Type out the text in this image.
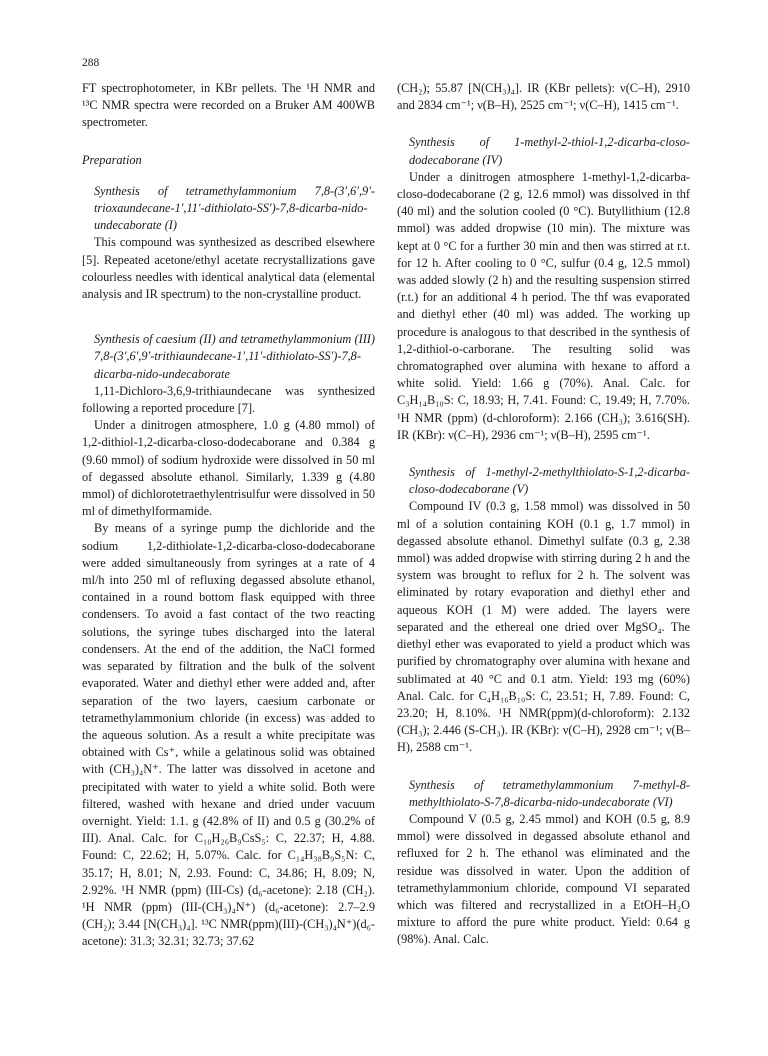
288

FT spectrophotometer, in KBr pellets. The ¹H NMR and ¹³C NMR spectra were recorded on a Bruker AM 400WB spectrometer.

Preparation

Synthesis of tetramethylammonium 7,8-(3′,6′,9′-trioxaundecane-1′,11′-dithiolato-SS′)-7,8-dicarba-nido-undecaborate (I)

This compound was synthesized as described elsewhere [5]. Repeated acetone/ethyl acetate recrystallizations gave colourless needles with identical analytical data (elemental analysis and IR spectrum) to the non-crystalline product.

Synthesis of caesium (II) and tetramethylammonium (III) 7,8-(3′,6′,9′-trithiaundecane-1′,11′-dithiolato-SS′)-7,8-dicarba-nido-undecaborate

1,11-Dichloro-3,6,9-trithiaundecane was synthesized following a reported procedure [7].

Under a dinitrogen atmosphere, 1.0 g (4.80 mmol) of 1,2-dithiol-1,2-dicarba-closo-dodecaborane and 0.384 g (9.60 mmol) of sodium hydroxide were dissolved in 50 ml of degassed absolute ethanol. Similarly, 1.339 g (4.80 mmol) of dichlorotetraethylentrisulfur were dissolved in 50 ml of dimethylformamide.

By means of a syringe pump the dichloride and the sodium 1,2-dithiolate-1,2-dicarba-closo-dodecaborane were added simultaneously from syringes at a rate of 4 ml/h into 250 ml of refluxing degassed absolute ethanol, contained in a round bottom flask equipped with three condensers. To avoid a fast contact of the two reacting solutions, the syringe tubes discharged into the lateral condensers. At the end of the addition, the NaCl formed was separated by filtration and the bulk of the solvent evaporated. Water and diethyl ether were added and, after separation of the two layers, caesium carbonate or tetramethylammonium chloride (in excess) was added to the aqueous solution. As a result a white precipitate was obtained with Cs⁺, while a gelatinous solid was obtained with (CH₃)₄N⁺. The latter was dissolved in acetone and precipitated with water to yield a white solid. Both were filtered, washed with hexane and dried under vacuum overnight. Yield: 1.1. g (42.8% of II) and 0.5 g (30.2% of III). Anal. Calc. for C₁₀H₂₆B₉CsS₅: C, 22.37; H, 4.88. Found: C, 22.62; H, 5.07%. Calc. for C₁₄H₃₈B₉S₅N: C, 35.17; H, 8.01; N, 2.93. Found: C, 34.86; H, 8.09; N, 2.92%. ¹H NMR (ppm) (III-Cs) (d₆-acetone): 2.18 (CH₂). ¹H NMR (ppm) (III-(CH₃)₄N⁺) (d₆-acetone): 2.7–2.9 (CH₂); 3.44 [N(CH₃)₄]. ¹³C NMR(ppm)(III)-(CH₃)₄N⁺)(d₆-acetone): 31.3; 32.31; 32.73; 37.62

(CH₂); 55.87 [N(CH₃)₄]. IR (KBr pellets): ν(C–H), 2910 and 2834 cm⁻¹; ν(B–H), 2525 cm⁻¹; ν(C–H), 1415 cm⁻¹.

Synthesis of 1-methyl-2-thiol-1,2-dicarba-closo-dodecaborane (IV)

Under a dinitrogen atmosphere 1-methyl-1,2-dicarba-closo-dodecaborane (2 g, 12.6 mmol) was dissolved in thf (40 ml) and the solution cooled (0 °C). Butyllithium (12.8 mmol) was added dropwise (10 min). The mixture was kept at 0 °C for a further 30 min and then was stirred at r.t. for 12 h. After cooling to 0 °C, sulfur (0.4 g, 12.5 mmol) was added slowly (2 h) and the resulting suspension stirred (r.t.) for an additional 4 h period. The thf was evaporated and diethyl ether (40 ml) was added. The working up procedure is analogous to that described in the synthesis of 1,2-dithiol-o-carborane. The resulting solid was chromatographed over alumina with hexane to afford a white solid. Yield: 1.66 g (70%). Anal. Calc. for C₃H₁₄B₁₀S: C, 18.93; H, 7.41. Found: C, 19.49; H, 7.70%. ¹H NMR (ppm) (d-chloroform): 2.166 (CH₃); 3.616(SH). IR (KBr): ν(C–H), 2936 cm⁻¹; ν(B–H), 2595 cm⁻¹.

Synthesis of 1-methyl-2-methylthiolato-S-1,2-dicarba-closo-dodecaborane (V)

Compound IV (0.3 g, 1.58 mmol) was dissolved in 50 ml of a solution containing KOH (0.1 g, 1.7 mmol) in degassed absolute ethanol. Dimethyl sulfate (0.3 g, 2.38 mmol) was added dropwise with stirring during 2 h and the system was brought to reflux for 2 h. The solvent was eliminated by rotary evaporation and diethyl ether and aqueous KOH (1 M) were added. The layers were separated and the ethereal one dried over MgSO₄. The diethyl ether was evaporated to yield a product which was purified by chromatography over alumina with hexane and sublimated at 40 °C and 0.1 atm. Yield: 193 mg (60%) Anal. Calc. for C₄H₁₆B₁₀S: C, 23.51; H, 7.89. Found: C, 23.20; H, 8.10%. ¹H NMR(ppm)(d-chloroform): 2.132 (CH₃); 2.446 (S-CH₃). IR (KBr): ν(C–H), 2928 cm⁻¹; ν(B–H), 2588 cm⁻¹.

Synthesis of tetramethylammonium 7-methyl-8-methylthiolato-S-7,8-dicarba-nido-undecaborate (VI)

Compound V (0.5 g, 2.45 mmol) and KOH (0.5 g, 8.9 mmol) were dissolved in degassed absolute ethanol and refluxed for 2 h. The ethanol was eliminated and the residue was dissolved in water. Upon the addition of tetramethylammonium chloride, compound VI separated which was filtered and recrystallized in a EtOH–H₂O mixture to afford the pure white product. Yield: 0.64 g (98%). Anal. Calc.
